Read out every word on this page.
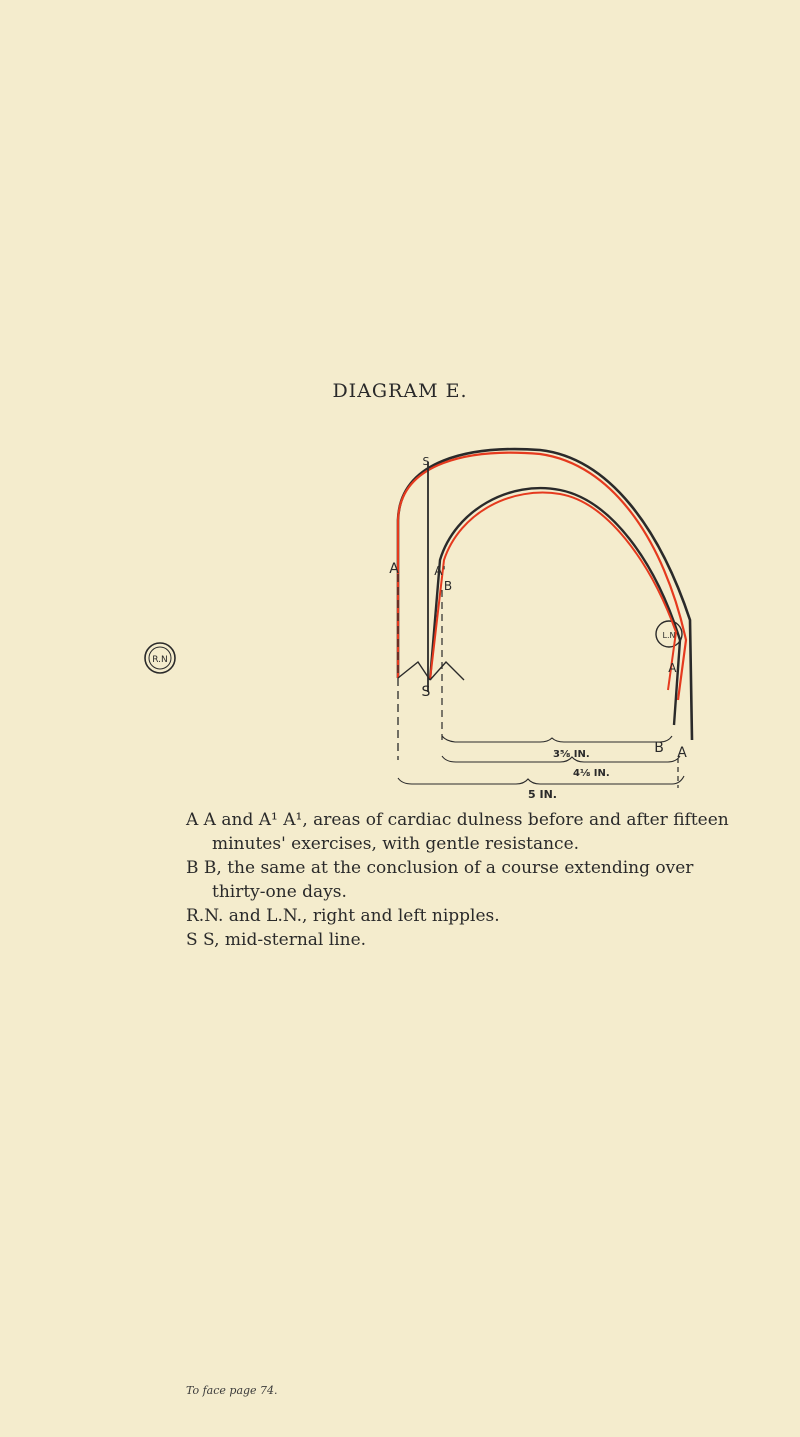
DIAGRAM E.
R.N
L.N
A	A'
B
S
S
A'
B A
3⅝ IN.
4⅛ IN.
5 IN.

A A and A¹ A¹, areas of cardiac dulness before and after fifteen minutes' exercises, with gentle resistance.

B B, the same at the conclusion of a course extending over thirty-one days.

R.N. and L.N., right and left nipples.

S S, mid-sternal line.

To face page 74.
